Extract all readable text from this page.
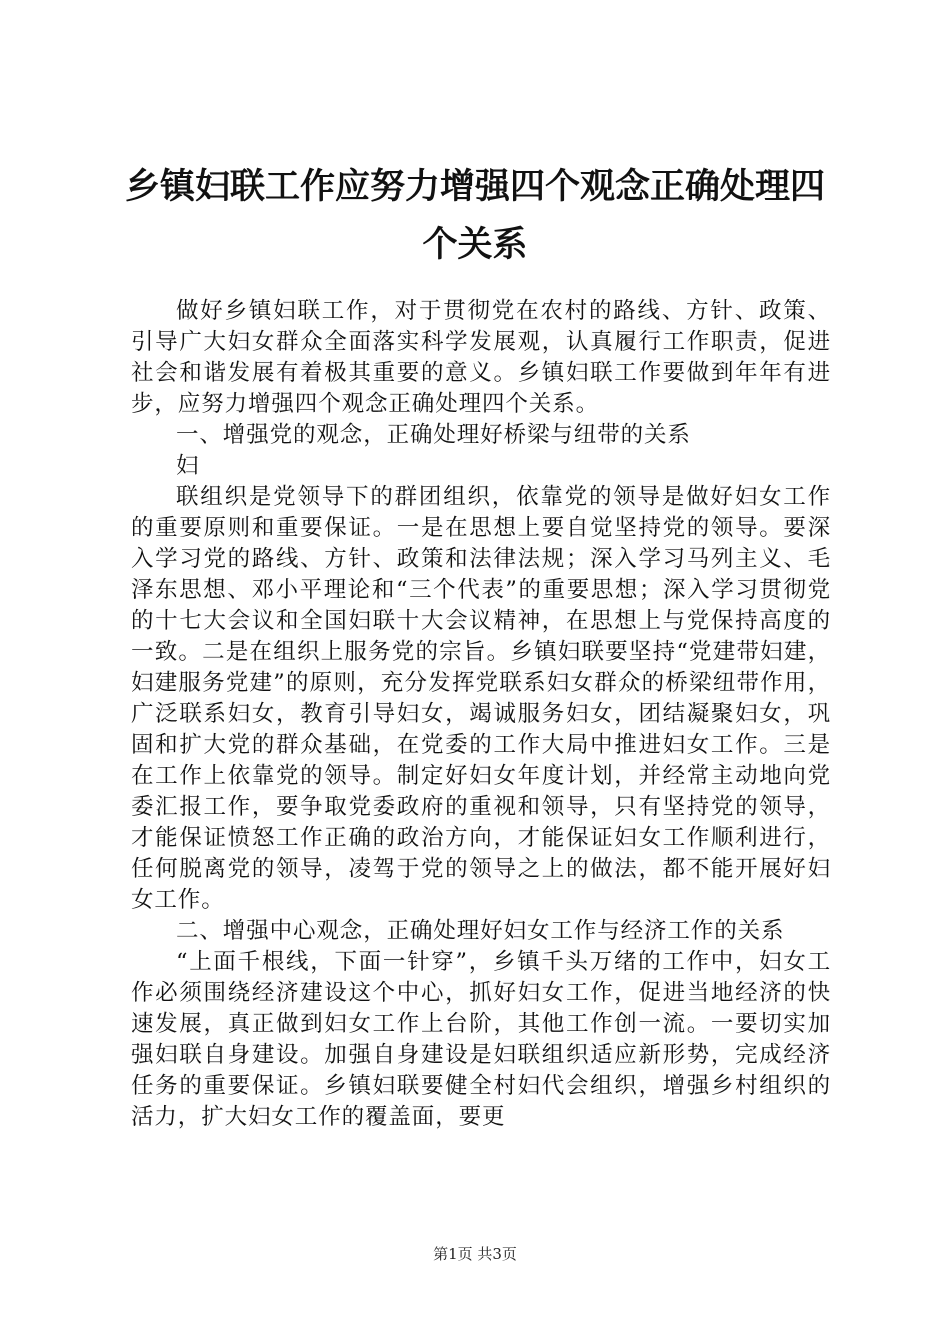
乡镇妇联工作应努力增强四个观念正确处理四个关系

做好乡镇妇联工作，对于贯彻党在农村的路线、方针、政策、引导广大妇女群众全面落实科学发展观，认真履行工作职责，促进社会和谐发展有着极其重要的意义。乡镇妇联工作要做到年年有进步，应努力增强四个观念正确处理四个关系。

一、增强党的观念，正确处理好桥梁与纽带的关系

妇

联组织是党领导下的群团组织，依靠党的领导是做好妇女工作的重要原则和重要保证。一是在思想上要自觉坚持党的领导。要深入学习党的路线、方针、政策和法律法规；深入学习马列主义、毛泽东思想、邓小平理论和“三个代表”的重要思想；深入学习贯彻党的十七大会议和全国妇联十大会议精神，在思想上与党保持高度的一致。二是在组织上服务党的宗旨。乡镇妇联要坚持“党建带妇建，妇建服务党建”的原则，充分发挥党联系妇女群众的桥梁纽带作用，广泛联系妇女，教育引导妇女，竭诚服务妇女，团结凝聚妇女，巩固和扩大党的群众基础，在党委的工作大局中推进妇女工作。三是在工作上依靠党的领导。制定好妇女年度计划，并经常主动地向党委汇报工作，要争取党委政府的重视和领导，只有坚持党的领导，才能保证愤怒工作正确的政治方向，才能保证妇女工作顺利进行，任何脱离党的领导，凌驾于党的领导之上的做法，都不能开展好妇女工作。

二、增强中心观念，正确处理好妇女工作与经济工作的关系

“上面千根线，下面一针穿”，乡镇千头万绪的工作中，妇女工作必须围绕经济建设这个中心，抓好妇女工作，促进当地经济的快速发展，真正做到妇女工作上台阶，其他工作创一流。一要切实加强妇联自身建设。加强自身建设是妇联组织适应新形势，完成经济任务的重要保证。乡镇妇联要健全村妇代会组织，增强乡村组织的活力，扩大妇女工作的覆盖面，要更

第1页 共3页
